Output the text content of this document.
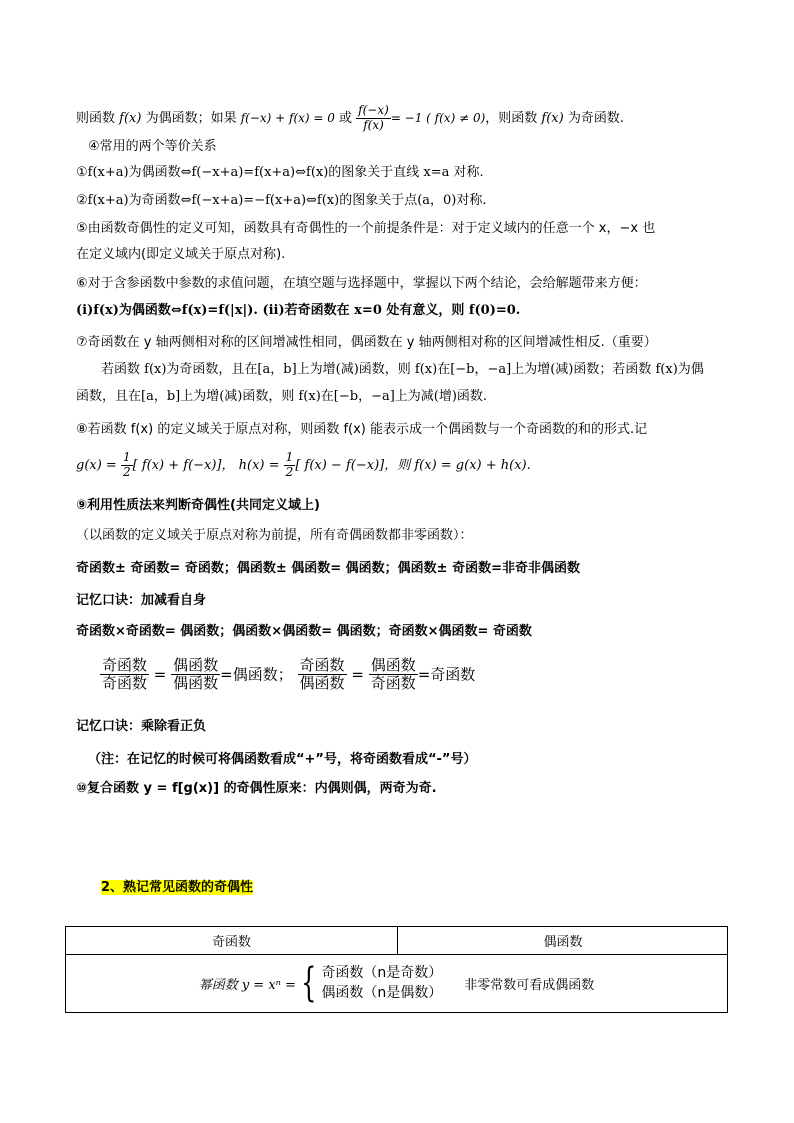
则函数 f(x) 为偶函数；如果 f(−x) + f(x) = 0 或 $\frac{f(-x)}{f(x)} = -1$ ( f(x) ≠ 0)，则函数 f(x) 为奇函数.
④常用的两个等价关系
①f(x+a)为偶函数⇔f(−x+a)=f(x+a)⇔f(x)的图象关于直线 x=a 对称.
②f(x+a)为奇函数⇔f(−x+a)=−f(x+a)⇔f(x)的图象关于点(a，0)对称.
⑤由函数奇偶性的定义可知，函数具有奇偶性的一个前提条件是：对于定义域内的任意一个 x，−x 也
在定义域内(即定义域关于原点对称).
⑥对于含参函数中参数的求值问题，在填空题与选择题中，掌握以下两个结论，会给解题带来方便：
(i)f(x)为偶函数⇔f(x)=f(|x|). (ii)若奇函数在 x=0 处有意义，则 f(0)=0.
⑦奇函数在 y 轴两侧相对称的区间增减性相同，偶函数在 y 轴两侧相对称的区间增减性相反.（重要）
若函数 f(x)为奇函数，且在[a，b]上为增(减)函数，则 f(x)在[−b，−a]上为增(减)函数；若函数 f(x)为偶
函数，且在[a，b]上为增(减)函数，则 f(x)在[−b，−a]上为减(增)函数.
⑧若函数 f(x) 的定义域关于原点对称，则函数 f(x) 能表示成一个偶函数与一个奇函数的和的形式.记
$g(x) = \frac{1}{2}$ [ f(x) + f(−x)]， $h(x) = \frac{1}{2}$ [ f(x) − f(−x)]，则 f(x) = g(x) + h(x).
⑨利用性质法来判断奇偶性(共同定义域上)
（以函数的定义域关于原点对称为前提，所有奇偶函数都非零函数）：
奇函数± 奇函数= 奇函数；偶函数± 偶函数= 偶函数；偶函数± 奇函数=非奇非偶函数
记忆口诀：加减看自身
奇函数×奇函数= 偶函数；偶函数×偶函数= 偶函数；奇函数×偶函数= 奇函数
$\frac{\text{奇函数}}{\text{奇函数}} = \frac{\text{偶函数}}{\text{偶函数}}$ =偶函数； $\frac{\text{奇函数}}{\text{偶函数}} = \frac{\text{偶函数}}{\text{奇函数}}$ =奇函数
记忆口诀：乘除看正负
（注：在记忆的时候可将偶函数看成“+”号，将奇函数看成“-”号）
⑩复合函数 y = f[g(x)] 的奇偶性原来：内偶则偶，两奇为奇.
2、熟记常见函数的奇偶性
奇函数	偶函数
幂函数 y = xⁿ = { 奇函数（n是奇数）
偶函数（n是偶数） 非零常数可看成偶函数
